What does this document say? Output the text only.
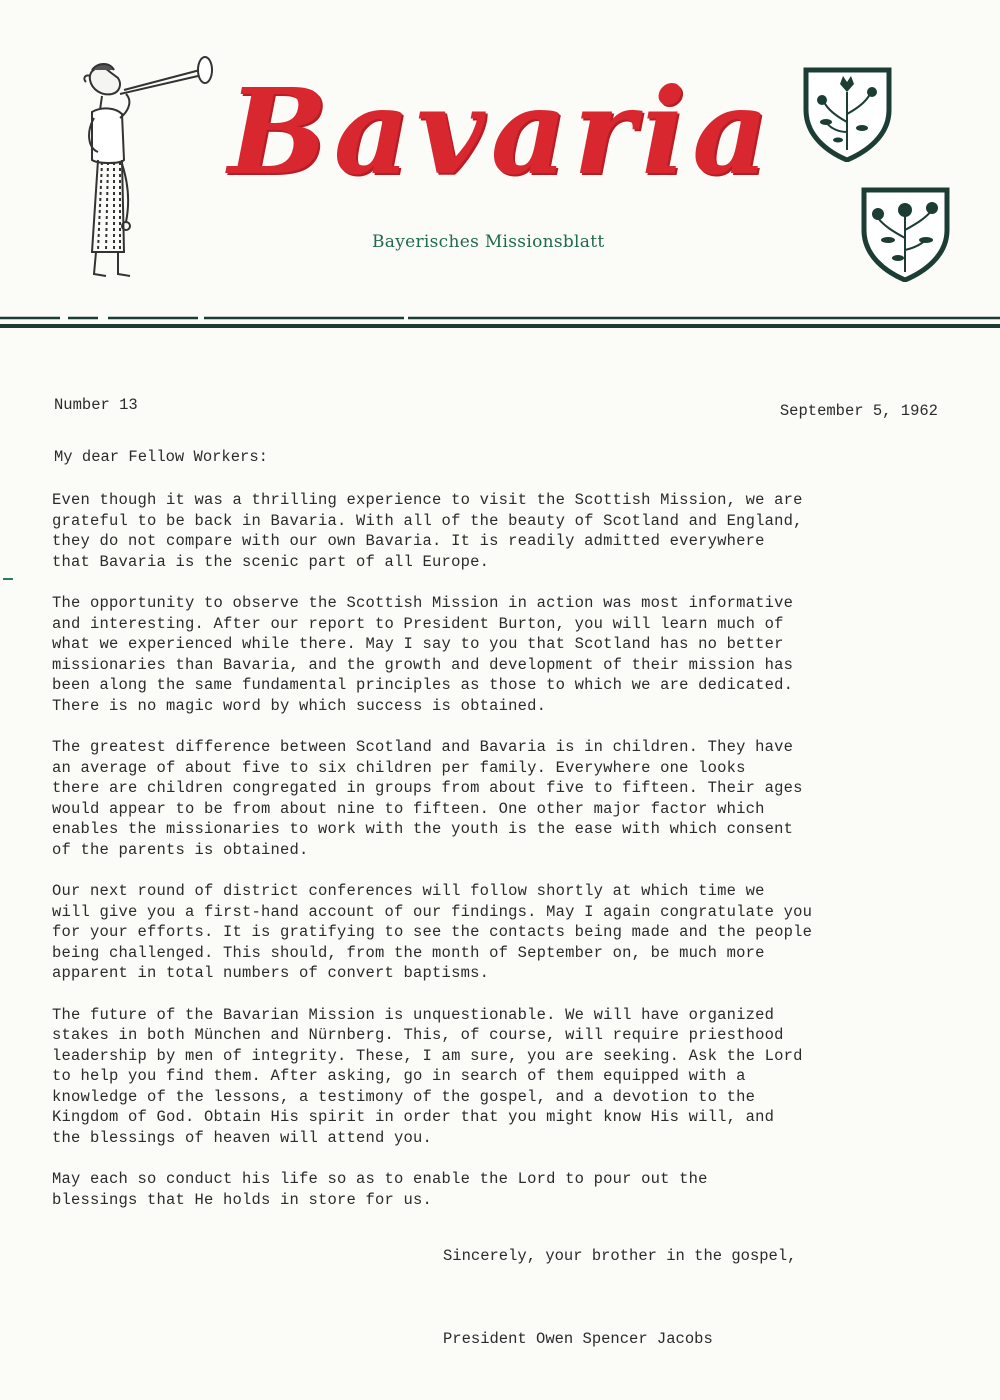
Bavaria
Bayerisches Missionsblatt
Number 13	September 5, 1962
My dear Fellow Workers:

Even though it was a thrilling experience to visit the Scottish Mission, we are
grateful to be back in Bavaria. With all of the beauty of Scotland and England,
they do not compare with our own Bavaria. It is readily admitted everywhere
that Bavaria is the scenic part of all Europe.

The opportunity to observe the Scottish Mission in action was most informative
and interesting. After our report to President Burton, you will learn much of
what we experienced while there. May I say to you that Scotland has no better
missionaries than Bavaria, and the growth and development of their mission has
been along the same fundamental principles as those to which we are dedicated.
There is no magic word by which success is obtained.

The greatest difference between Scotland and Bavaria is in children. They have
an average of about five to six children per family. Everywhere one looks
there are children congregated in groups from about five to fifteen. Their ages
would appear to be from about nine to fifteen. One other major factor which
enables the missionaries to work with the youth is the ease with which consent
of the parents is obtained.

Our next round of district conferences will follow shortly at which time we
will give you a first-hand account of our findings. May I again congratulate you
for your efforts. It is gratifying to see the contacts being made and the people
being challenged. This should, from the month of September on, be much more
apparent in total numbers of convert baptisms.

The future of the Bavarian Mission is unquestionable. We will have organized
stakes in both München and Nürnberg. This, of course, will require priesthood
leadership by men of integrity. These, I am sure, you are seeking. Ask the Lord
to help you find them. After asking, go in search of them equipped with a
knowledge of the lessons, a testimony of the gospel, and a devotion to the
Kingdom of God. Obtain His spirit in order that you might know His will, and
the blessings of heaven will attend you.

May each so conduct his life so as to enable the Lord to pour out the
blessings that He holds in store for us.

Sincerely, your brother in the gospel,
President Owen Spencer Jacobs
